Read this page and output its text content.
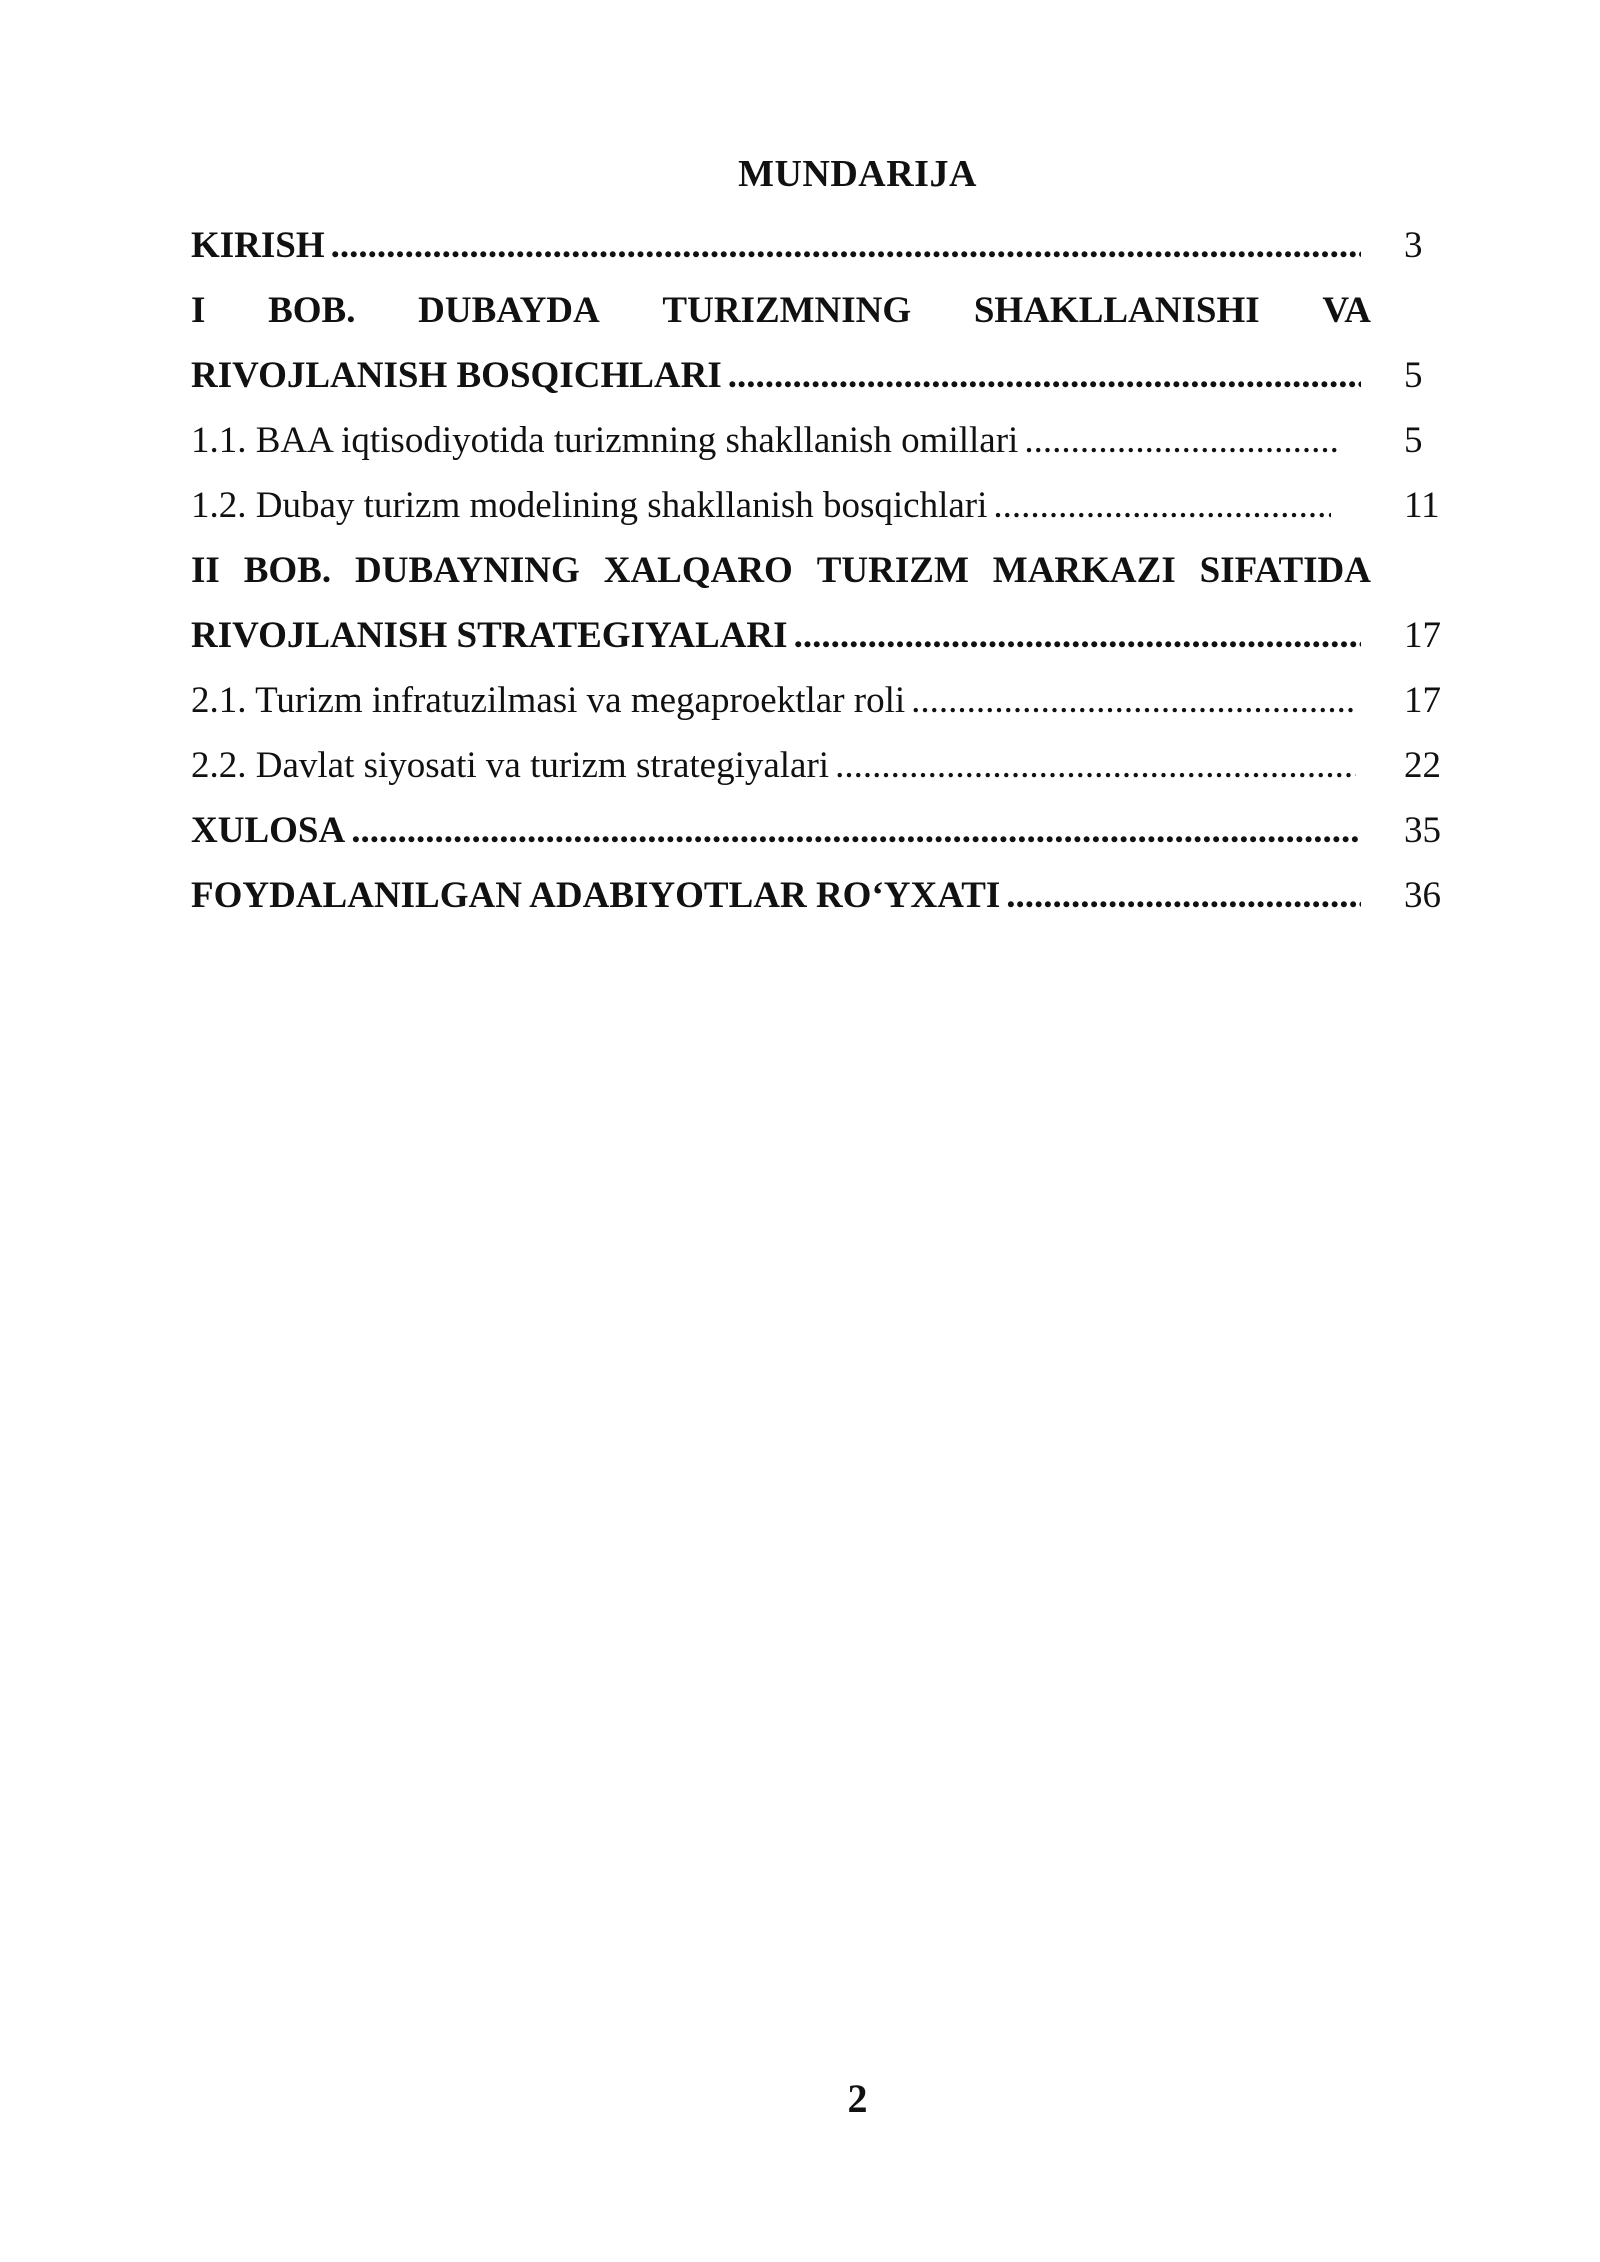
MUNDARIJA
KIRISH .....	3
I BOB. DUBAYDA TURIZMNING SHAKLLANISHI VA
RIVOJLANISH BOSQICHLARI .....	5
1.1. BAA iqtisodiyotida turizmning shakllanish omillari .....	5
1.2. Dubay turizm modelining shakllanish bosqichlari .....	11
II BOB. DUBAYNING XALQARO TURIZM MARKAZI SIFATIDA
RIVOJLANISH STRATEGIYALARI .....	17
2.1. Turizm infratuzilmasi va megaproektlar roli .....	17
2.2. Davlat siyosati va turizm strategiyalari .....	22
XULOSA .....	35
FOYDALANILGAN ADABIYOTLAR RO‘YXATI .....	36
2
